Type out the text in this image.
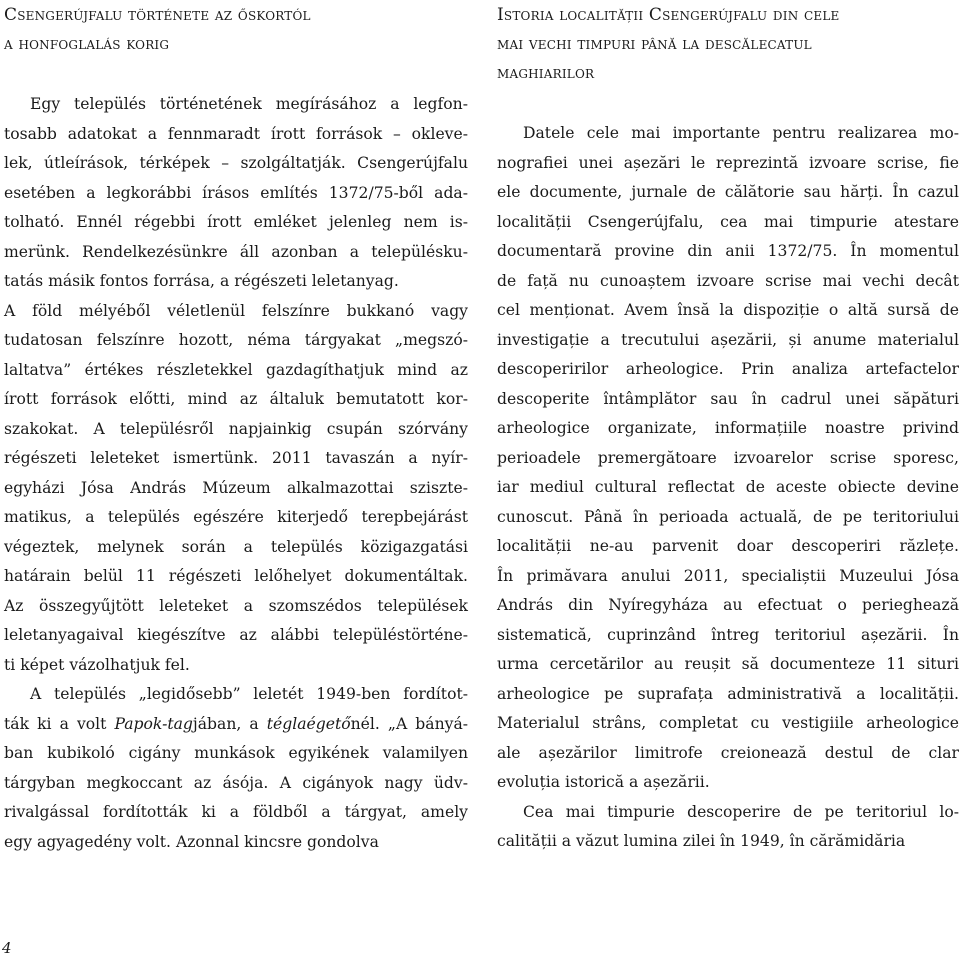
Csengerújfalu története az őskortól
a honfoglalás korig
Egy település történetének megírásához a legfon-
tosabb adatokat a fennmaradt írott források – okleve-
lek, útleírások, térképek – szolgáltatják. Csengerújfalu
esetében a legkorábbi írásos említés 1372/75-ből ada-
tolható. Ennél régebbi írott emléket jelenleg nem is-
merünk. Rendelkezésünkre áll azonban a településku-
tatás másik fontos forrása, a régészeti leletanyag.
A föld mélyéből véletlenül felszínre bukkanó vagy
tudatosan felszínre hozott, néma tárgyakat „megszó-
laltatva” értékes részletekkel gazdagíthatjuk mind az
írott források előtti, mind az általuk bemutatott kor-
szakokat. A településről napjainkig csupán szórvány
régészeti leleteket ismertünk. 2011 tavaszán a nyír-
egyházi Jósa András Múzeum alkalmazottai sziszte-
matikus, a település egészére kiterjedő terepbejárást
végeztek, melynek során a település közigazgatási
határain belül 11 régészeti lelőhelyet dokumentáltak.
Az összegyűjtött leleteket a szomszédos települések
leletanyagaival kiegészítve az alábbi településtörténe-
ti képet vázolhatjuk fel.
A település „legidősebb” leletét 1949-ben fordítot-
ták ki a volt Papok-tagjában, a téglaégetőnél. „A bányá-
ban kubikoló cigány munkások egyikének valamilyen
tárgyban megkoccant az ásója. A cigányok nagy üdv-
rivalgással fordították ki a földből a tárgyat, amely
egy agyagedény volt. Azonnal kincsre gondolva
Istoria localității Csengerújfalu din cele
mai vechi timpuri până la descălecatul
maghiarilor
Datele cele mai importante pentru realizarea mo-
nografiei unei așezări le reprezintă izvoare scrise, fie
ele documente, jurnale de călătorie sau hărți. În cazul
localității Csengerújfalu, cea mai timpurie atestare
documentară provine din anii 1372/75. În momentul
de față nu cunoaștem izvoare scrise mai vechi decât
cel menționat. Avem însă la dispoziție o altă sursă de
investigație a trecutului așezării, și anume materialul
descoperirilor arheologice. Prin analiza artefactelor
descoperite întâmplător sau în cadrul unei săpături
arheologice organizate, informațiile noastre privind
perioadele premergătoare izvoarelor scrise sporesc,
iar mediul cultural reflectat de aceste obiecte devine
cunoscut. Până în perioada actuală, de pe teritoriului
localității ne-au parvenit doar descoperiri răzlețe.
În primăvara anului 2011, specialiștii Muzeului Jósa
András din Nyíregyháza au efectuat o perieghează
sistematică, cuprinzând întreg teritoriul așezării. În
urma cercetărilor au reușit să documenteze 11 situri
arheologice pe suprafața administrativă a localității.
Materialul strâns, completat cu vestigiile arheologice
ale așezărilor limitrofe creionează destul de clar
evoluția istorică a așezării.
Cea mai timpurie descoperire de pe teritoriul lo-
calității a văzut lumina zilei în 1949, în cărămidăria
4
